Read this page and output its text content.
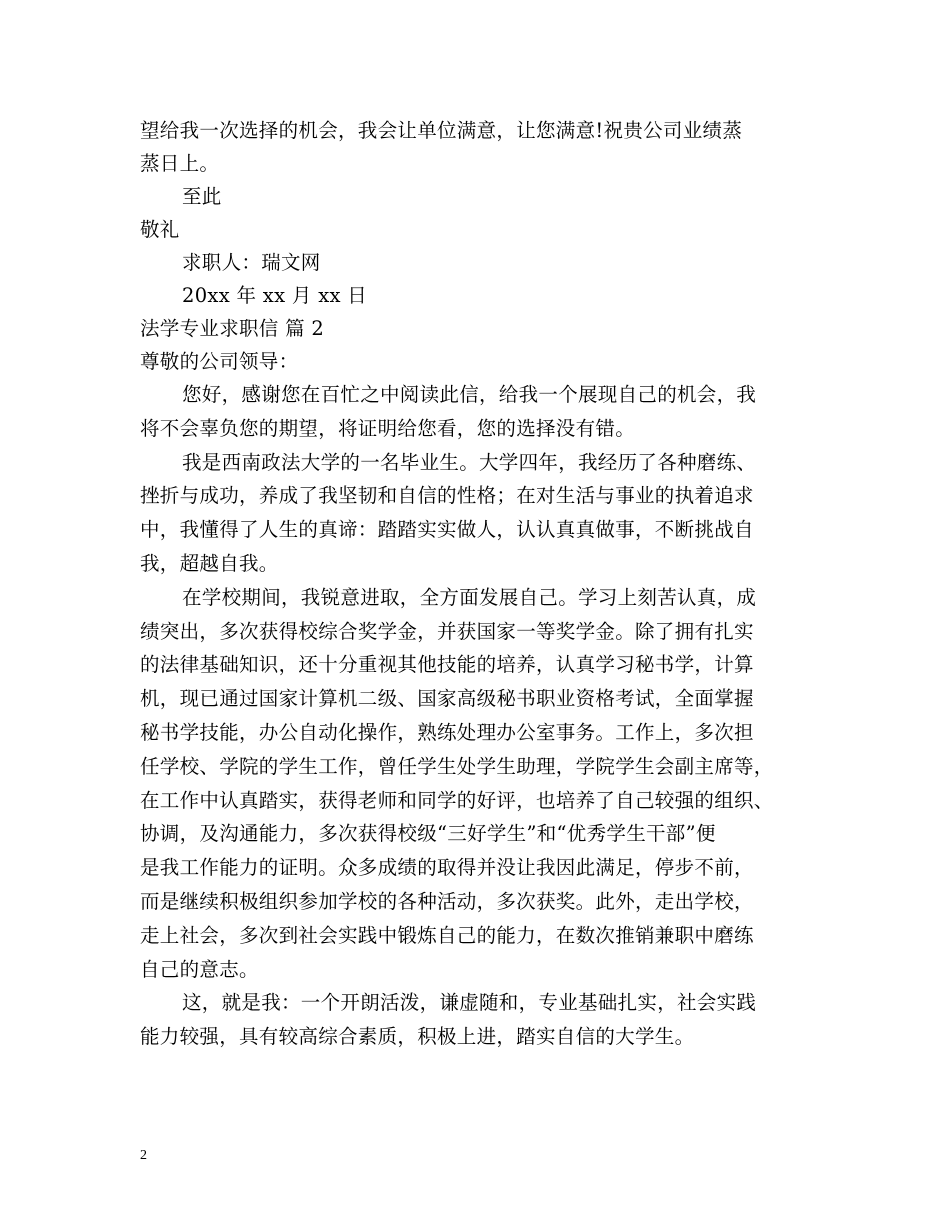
望给我一次选择的机会，我会让单位满意，让您满意!祝贵公司业绩蒸
蒸日上。
至此
敬礼
求职人：瑞文网
20xx 年 xx 月 xx 日
法学专业求职信 篇 2
尊敬的公司领导：
您好，感谢您在百忙之中阅读此信，给我一个展现自己的机会，我
将不会辜负您的期望，将证明给您看，您的选择没有错。
我是西南政法大学的一名毕业生。大学四年，我经历了各种磨练、
挫折与成功，养成了我坚韧和自信的性格；在对生活与事业的执着追求
中，我懂得了人生的真谛：踏踏实实做人，认认真真做事，不断挑战自
我，超越自我。
在学校期间，我锐意进取，全方面发展自己。学习上刻苦认真，成
绩突出，多次获得校综合奖学金，并获国家一等奖学金。除了拥有扎实
的法律基础知识，还十分重视其他技能的培养，认真学习秘书学，计算
机，现已通过国家计算机二级、国家高级秘书职业资格考试，全面掌握
秘书学技能，办公自动化操作，熟练处理办公室事务。工作上，多次担
任学校、学院的学生工作，曾任学生处学生助理，学院学生会副主席等，
在工作中认真踏实，获得老师和同学的好评，也培养了自己较强的组织、
协调，及沟通能力，多次获得校级“三好学生”和“优秀学生干部”便
是我工作能力的证明。众多成绩的取得并没让我因此满足，停步不前，
而是继续积极组织参加学校的各种活动，多次获奖。此外，走出学校，
走上社会，多次到社会实践中锻炼自己的能力，在数次推销兼职中磨练
自己的意志。
这，就是我：一个开朗活泼，谦虚随和，专业基础扎实，社会实践
能力较强，具有较高综合素质，积极上进，踏实自信的大学生。
2
